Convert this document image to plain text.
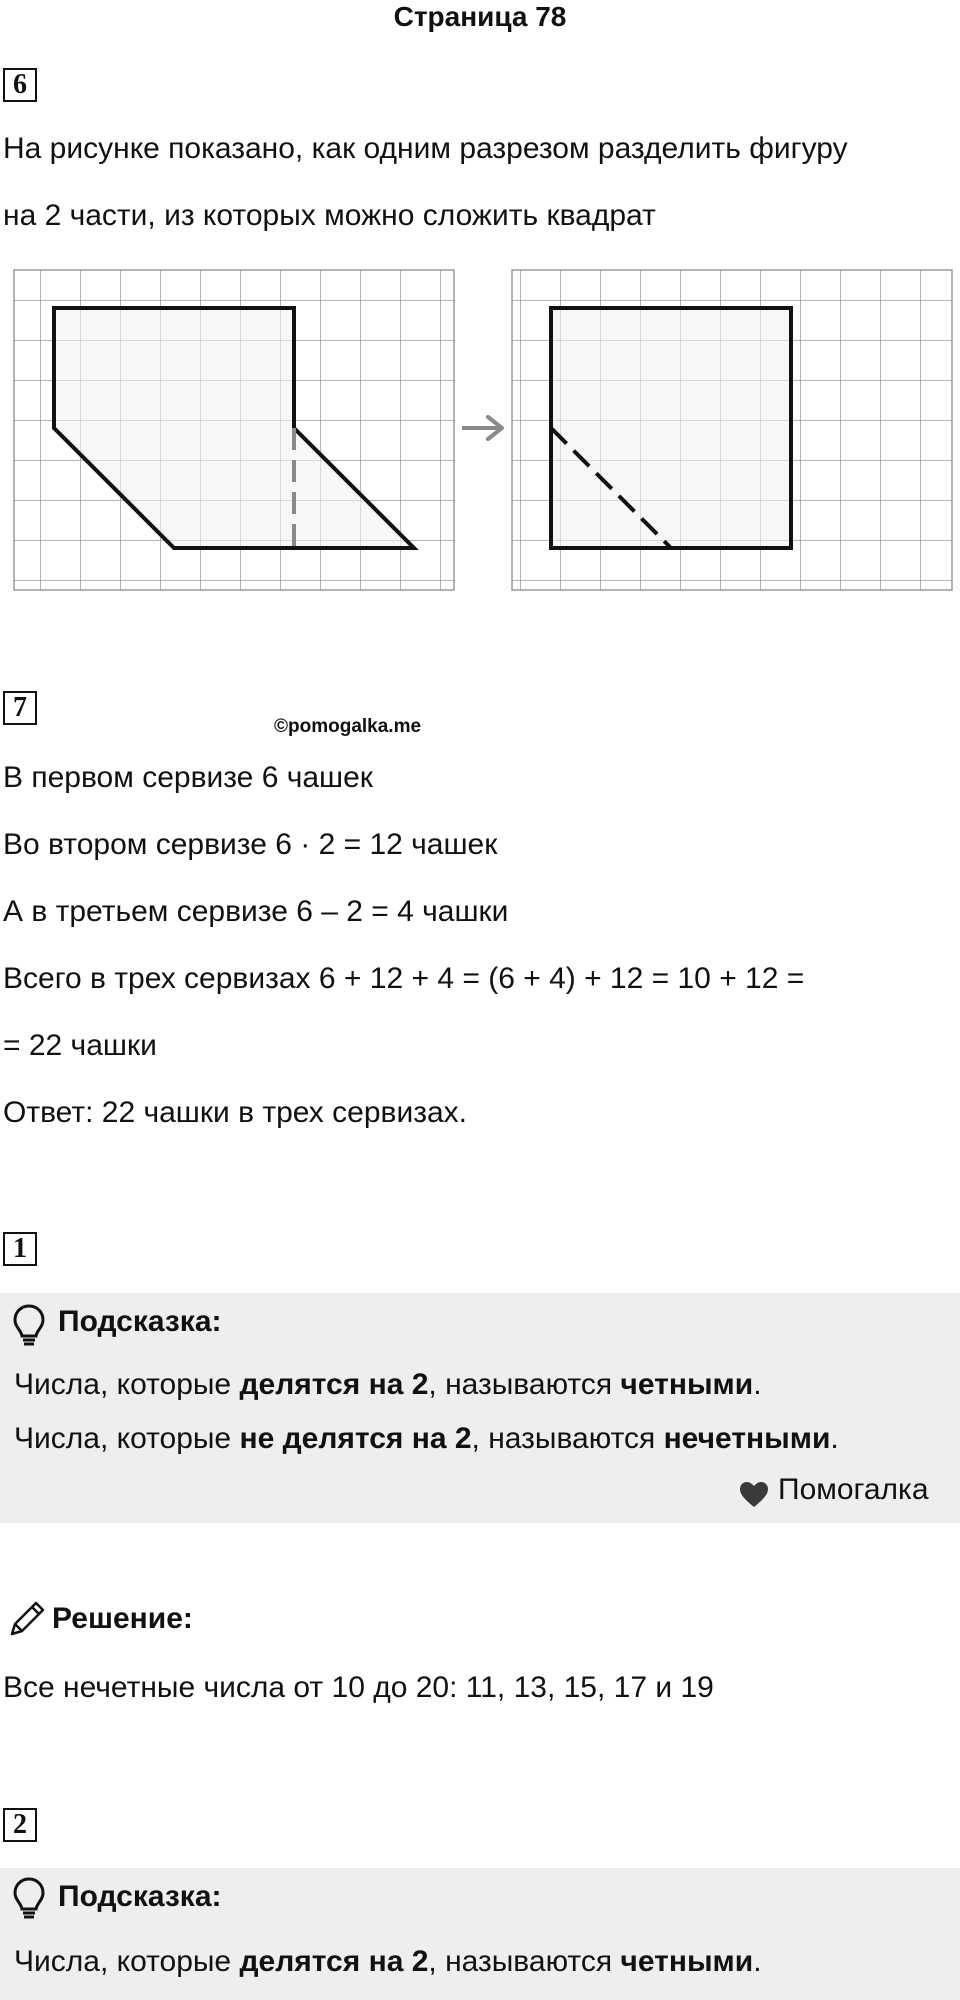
Страница 78
6
На рисунке показано, как одним разрезом разделить фигуру
на 2 части, из которых можно сложить квадрат
7
©pomogalka.me
В первом сервизе 6 чашек
Во втором сервизе 6 · 2 = 12 чашек
А в третьем сервизе 6 – 2 = 4 чашки
Всего в трех сервизах 6 + 12 + 4 = (6 + 4) + 12 = 10 + 12 =
= 22 чашки
Ответ: 22 чашки в трех сервизах.
1
Подсказка:
Числа, которые делятся на 2, называются четными.
Числа, которые не делятся на 2, называются нечетными.
Помогалка
Решение:
Все нечетные числа от 10 до 20: 11, 13, 15, 17 и 19
2
Подсказка:
Числа, которые делятся на 2, называются четными.
